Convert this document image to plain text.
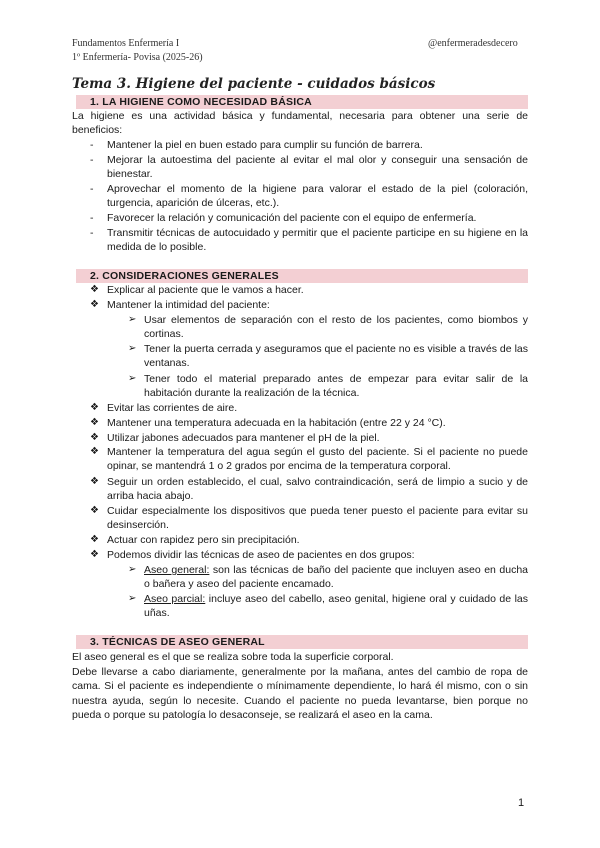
Fundamentos Enfermería I
1º Enfermería- Povisa (2025-26)
@enfermeradesdecero
Tema 3. Higiene del paciente - cuidados básicos
1. LA HIGIENE COMO NECESIDAD BÁSICA
La higiene es una actividad básica y fundamental, necesaria para obtener una serie de beneficios:
- Mantener la piel en buen estado para cumplir su función de barrera.
- Mejorar la autoestima del paciente al evitar el mal olor y conseguir una sensación de bienestar.
- Aprovechar el momento de la higiene para valorar el estado de la piel (coloración, turgencia, aparición de úlceras, etc.).
- Favorecer la relación y comunicación del paciente con el equipo de enfermería.
- Transmitir técnicas de autocuidado y permitir que el paciente participe en su higiene en la medida de lo posible.
2. CONSIDERACIONES GENERALES
❖ Explicar al paciente que le vamos a hacer.
❖ Mantener la intimidad del paciente:
➢ Usar elementos de separación con el resto de los pacientes, como biombos y cortinas.
➢ Tener la puerta cerrada y aseguramos que el paciente no es visible a través de las ventanas.
➢ Tener todo el material preparado antes de empezar para evitar salir de la habitación durante la realización de la técnica.
❖ Evitar las corrientes de aire.
❖ Mantener una temperatura adecuada en la habitación (entre 22 y 24 °C).
❖ Utilizar jabones adecuados para mantener el pH de la piel.
❖ Mantener la temperatura del agua según el gusto del paciente. Si el paciente no puede opinar, se mantendrá 1 o 2 grados por encima de la temperatura corporal.
❖ Seguir un orden establecido, el cual, salvo contraindicación, será de limpio a sucio y de arriba hacia abajo.
❖ Cuidar especialmente los dispositivos que pueda tener puesto el paciente para evitar su desinserción.
❖ Actuar con rapidez pero sin precipitación.
❖ Podemos dividir las técnicas de aseo de pacientes en dos grupos:
➢ Aseo general: son las técnicas de baño del paciente que incluyen aseo en ducha o bañera y aseo del paciente encamado.
➢ Aseo parcial: incluye aseo del cabello, aseo genital, higiene oral y cuidado de las uñas.
3. TÉCNICAS DE ASEO GENERAL
El aseo general es el que se realiza sobre toda la superficie corporal.
Debe llevarse a cabo diariamente, generalmente por la mañana, antes del cambio de ropa de cama. Si el paciente es independiente o mínimamente dependiente, lo hará él mismo, con o sin nuestra ayuda, según lo necesite. Cuando el paciente no pueda levantarse, bien porque no pueda o porque su patología lo desaconseje, se realizará el aseo en la cama.
1
